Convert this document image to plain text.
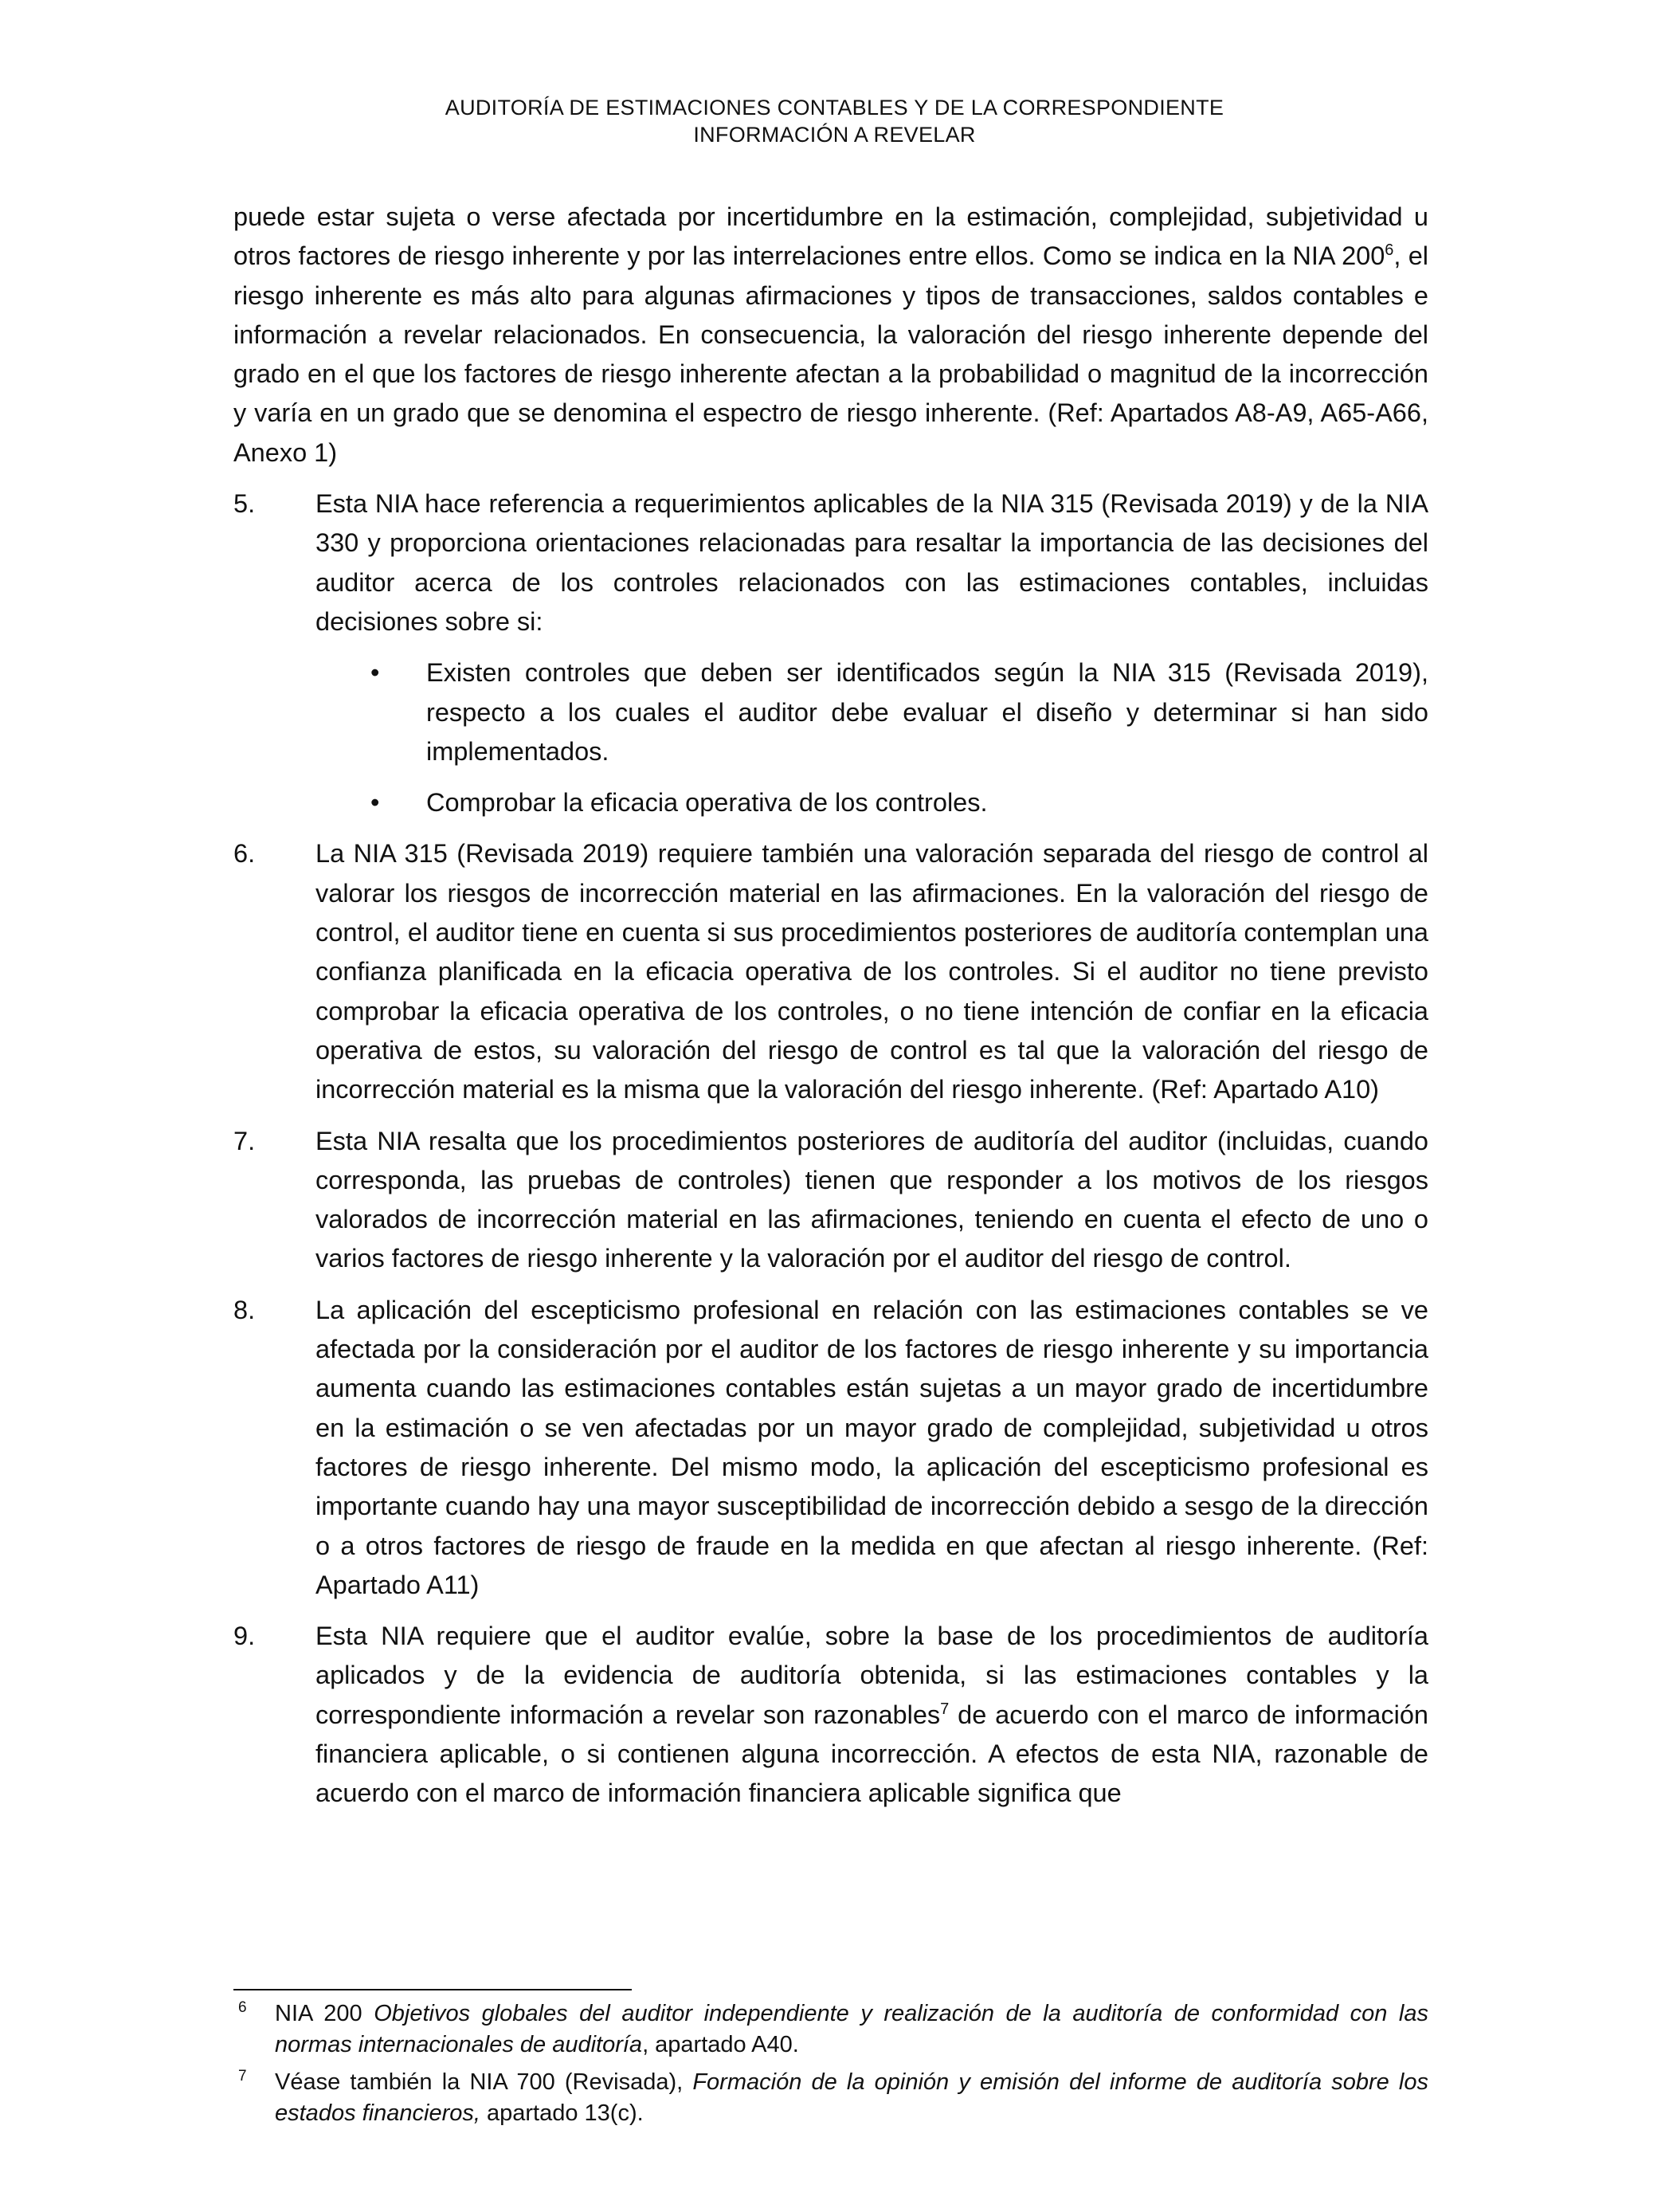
AUDITORÍA DE ESTIMACIONES CONTABLES Y DE LA CORRESPONDIENTE
INFORMACIÓN A REVELAR

puede estar sujeta o verse afectada por incertidumbre en la estimación, complejidad, subjetividad u otros factores de riesgo inherente y por las interrelaciones entre ellos. Como se indica en la NIA $200^6$, el riesgo inherente es más alto para algunas afirmaciones y tipos de transacciones, saldos contables e información a revelar relacionados. En consecuencia, la valoración del riesgo inherente depende del grado en el que los factores de riesgo inherente afectan a la probabilidad o magnitud de la incorrección y varía en un grado que se denomina el espectro de riesgo inherente. (Ref: Apartados A8-A9, A65-A66, Anexo 1)

5. Esta NIA hace referencia a requerimientos aplicables de la NIA 315 (Revisada 2019) y de la NIA 330 y proporciona orientaciones relacionadas para resaltar la importancia de las decisiones del auditor acerca de los controles relacionados con las estimaciones contables, incluidas decisiones sobre si:
• Existen controles que deben ser identificados según la NIA 315 (Revisada 2019), respecto a los cuales el auditor debe evaluar el diseño y determinar si han sido implementados.
• Comprobar la eficacia operativa de los controles.
6. La NIA 315 (Revisada 2019) requiere también una valoración separada del riesgo de control al valorar los riesgos de incorrección material en las afirmaciones. En la valoración del riesgo de control, el auditor tiene en cuenta si sus procedimientos posteriores de auditoría contemplan una confianza planificada en la eficacia operativa de los controles. Si el auditor no tiene previsto comprobar la eficacia operativa de los controles, o no tiene intención de confiar en la eficacia operativa de estos, su valoración del riesgo de control es tal que la valoración del riesgo de incorrección material es la misma que la valoración del riesgo inherente. (Ref: Apartado A10)
7. Esta NIA resalta que los procedimientos posteriores de auditoría del auditor (incluidas, cuando corresponda, las pruebas de controles) tienen que responder a los motivos de los riesgos valorados de incorrección material en las afirmaciones, teniendo en cuenta el efecto de uno o varios factores de riesgo inherente y la valoración por el auditor del riesgo de control.
8. La aplicación del escepticismo profesional en relación con las estimaciones contables se ve afectada por la consideración por el auditor de los factores de riesgo inherente y su importancia aumenta cuando las estimaciones contables están sujetas a un mayor grado de incertidumbre en la estimación o se ven afectadas por un mayor grado de complejidad, subjetividad u otros factores de riesgo inherente. Del mismo modo, la aplicación del escepticismo profesional es importante cuando hay una mayor susceptibilidad de incorrección debido a sesgo de la dirección o a otros factores de riesgo de fraude en la medida en que afectan al riesgo inherente. (Ref: Apartado A11)
9. Esta NIA requiere que el auditor evalúe, sobre la base de los procedimientos de auditoría aplicados y de la evidencia de auditoría obtenida, si las estimaciones contables y la correspondiente información a revelar son razonables$^7$ de acuerdo con el marco de información financiera aplicable, o si contienen alguna incorrección. A efectos de esta NIA, razonable de acuerdo con el marco de información financiera aplicable significa que
6 NIA 200 Objetivos globales del auditor independiente y realización de la auditoría de conformidad con las normas internacionales de auditoría, apartado A40.
7 Véase también la NIA 700 (Revisada), Formación de la opinión y emisión del informe de auditoría sobre los estados financieros, apartado 13(c).
